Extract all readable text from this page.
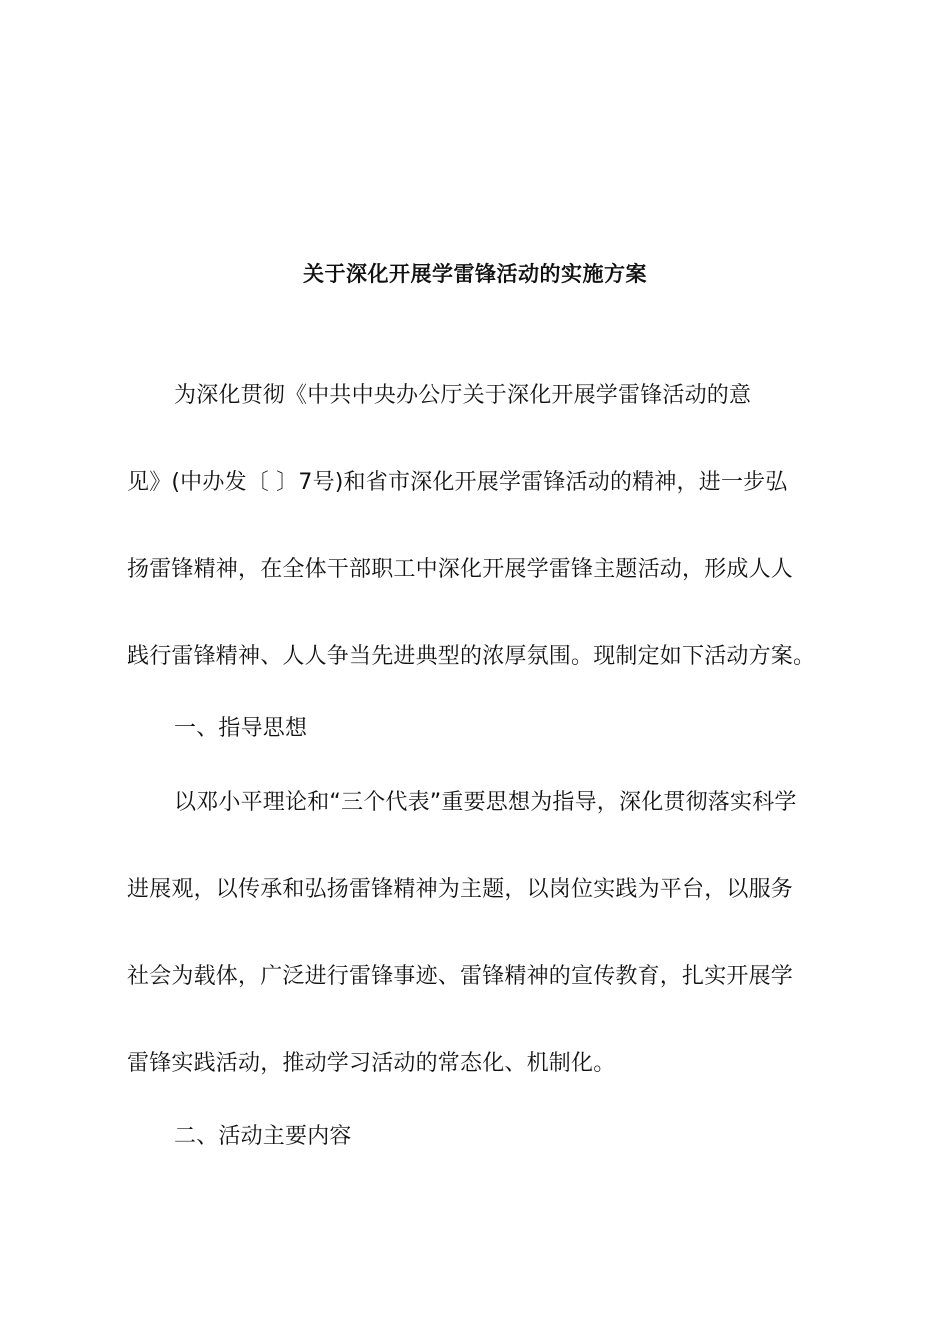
关于深化开展学雷锋活动的实施方案
为深化贯彻《中共中央办公厅关于深化开展学雷锋活动的意
见》(中办发〔 〕7号)和省市深化开展学雷锋活动的精神，进一步弘
扬雷锋精神，在全体干部职工中深化开展学雷锋主题活动，形成人人
践行雷锋精神、人人争当先进典型的浓厚氛围。现制定如下活动方案。
一、指导思想
以邓小平理论和“三个代表”重要思想为指导，深化贯彻落实科学
进展观，以传承和弘扬雷锋精神为主题，以岗位实践为平台，以服务
社会为载体，广泛进行雷锋事迹、雷锋精神的宣传教育，扎实开展学
雷锋实践活动，推动学习活动的常态化、机制化。
二、活动主要内容
